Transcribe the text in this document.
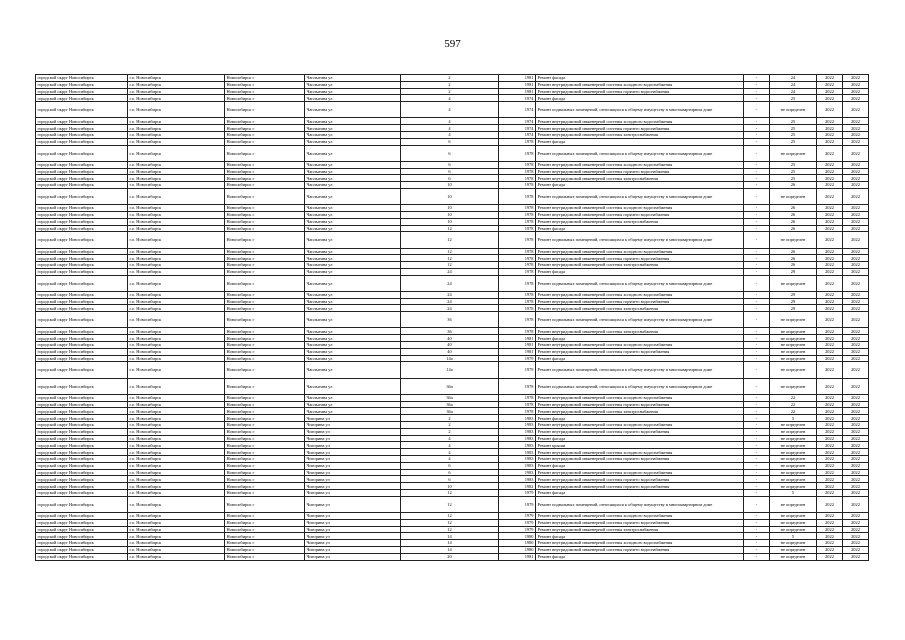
597
городской округ Новосибирск	г.о. Новосибирск	Новосибирск г	Чаплыгина ул	2	1981	Ремонт фасада	-	24	2022	2022
городской округ Новосибирск	г.о. Новосибирск	Новосибирск г	Чаплыгина ул	2	1981	Ремонт внутридомовой инженерной системы холодного водоснабжения	-	24	2022	2022
городской округ Новосибирск	г.о. Новосибирск	Новосибирск г	Чаплыгина ул	2	1981	Ремонт внутридомовой инженерной системы горячего водоснабжения	-	24	2022	2022
городской округ Новосибирск	г.о. Новосибирск	Новосибирск г	Чаплыгина ул	4	1974	Ремонт фасада	-	25	2022	2022
городской округ Новосибирск	г.о. Новосибирск	Новосибирск г	Чаплыгина ул	4	1974	Ремонт подвальных помещений, относящихся к общему имуществу в многоквартирном доме	-	не определен	2022	2022
городской округ Новосибирск	г.о. Новосибирск	Новосибирск г	Чаплыгина ул	4	1974	Ремонт внутридомовой инженерной системы холодного водоснабжения	-	25	2022	2022
городской округ Новосибирск	г.о. Новосибирск	Новосибирск г	Чаплыгина ул	4	1974	Ремонт внутридомовой инженерной системы горячего водоснабжения	-	25	2022	2022
городской округ Новосибирск	г.о. Новосибирск	Новосибирск г	Чаплыгина ул	4	1974	Ремонт внутридомовой инженерной системы электроснабжения	-	25	2022	2022
городской округ Новосибирск	г.о. Новосибирск	Новосибирск г	Чаплыгина ул	6	1978	Ремонт фасада	-	25	2022	2022
городской округ Новосибирск	г.о. Новосибирск	Новосибирск г	Чаплыгина ул	6	1978	Ремонт подвальных помещений, относящихся к общему имуществу в многоквартирном доме	-	не определен	2022	2022
городской округ Новосибирск	г.о. Новосибирск	Новосибирск г	Чаплыгина ул	6	1978	Ремонт внутридомовой инженерной системы холодного водоснабжения	-	25	2022	2022
городской округ Новосибирск	г.о. Новосибирск	Новосибирск г	Чаплыгина ул	6	1978	Ремонт внутридомовой инженерной системы горячего водоснабжения	-	25	2022	2022
городской округ Новосибирск	г.о. Новосибирск	Новосибирск г	Чаплыгина ул	6	1978	Ремонт внутридомовой инженерной системы электроснабжения	-	25	2022	2022
городской округ Новосибирск	г.о. Новосибирск	Новосибирск г	Чаплыгина ул	10	1978	Ремонт фасада	-	26	2022	2022
городской округ Новосибирск	г.о. Новосибирск	Новосибирск г	Чаплыгина ул	10	1978	Ремонт подвальных помещений, относящихся к общему имуществу в многоквартирном доме	-	не определен	2022	2022
городской округ Новосибирск	г.о. Новосибирск	Новосибирск г	Чаплыгина ул	10	1978	Ремонт внутридомовой инженерной системы холодного водоснабжения	-	26	2022	2022
городской округ Новосибирск	г.о. Новосибирск	Новосибирск г	Чаплыгина ул	10	1978	Ремонт внутридомовой инженерной системы горячего водоснабжения	-	26	2022	2022
городской округ Новосибирск	г.о. Новосибирск	Новосибирск г	Чаплыгина ул	10	1978	Ремонт внутридомовой инженерной системы электроснабжения	-	26	2022	2022
городской округ Новосибирск	г.о. Новосибирск	Новосибирск г	Чаплыгина ул	12	1978	Ремонт фасада	-	26	2022	2022
городской округ Новосибирск	г.о. Новосибирск	Новосибирск г	Чаплыгина ул	12	1978	Ремонт подвальных помещений, относящихся к общему имуществу в многоквартирном доме	-	не определен	2022	2022
городской округ Новосибирск	г.о. Новосибирск	Новосибирск г	Чаплыгина ул	12	1978	Ремонт внутридомовой инженерной системы холодного водоснабжения	-	26	2022	2022
городской округ Новосибирск	г.о. Новосибирск	Новосибирск г	Чаплыгина ул	12	1978	Ремонт внутридомовой инженерной системы горячего водоснабжения	-	26	2022	2022
городской округ Новосибирск	г.о. Новосибирск	Новосибирск г	Чаплыгина ул	12	1978	Ремонт внутридомовой инженерной системы электроснабжения	-	26	2022	2022
городской округ Новосибирск	г.о. Новосибирск	Новосибирск г	Чаплыгина ул	24	1978	Ремонт фасада	-	29	2022	2022
городской округ Новосибирск	г.о. Новосибирск	Новосибирск г	Чаплыгина ул	24	1978	Ремонт подвальных помещений, относящихся к общему имуществу в многоквартирном доме	-	не определен	2022	2022
городской округ Новосибирск	г.о. Новосибирск	Новосибирск г	Чаплыгина ул	24	1978	Ремонт внутридомовой инженерной системы холодного водоснабжения	-	29	2022	2022
городской округ Новосибирск	г.о. Новосибирск	Новосибирск г	Чаплыгина ул	24	1978	Ремонт внутридомовой инженерной системы горячего водоснабжения	-	29	2022	2022
городской округ Новосибирск	г.о. Новосибирск	Новосибирск г	Чаплыгина ул	24	1978	Ремонт внутридомовой инженерной системы электроснабжения	-	29	2022	2022
городской округ Новосибирск	г.о. Новосибирск	Новосибирск г	Чаплыгина ул	36	1978	Ремонт подвальных помещений, относящихся к общему имуществу в многоквартирном доме	-	не определен	2022	2022
городской округ Новосибирск	г.о. Новосибирск	Новосибирск г	Чаплыгина ул	36	1978	Ремонт внутридомовой инженерной системы электроснабжения	-	не определен	2022	2022
городской округ Новосибирск	г.о. Новосибирск	Новосибирск г	Чаплыгина ул	40	1981	Ремонт фасада	-	не определен	2022	2022
городской округ Новосибирск	г.о. Новосибирск	Новосибирск г	Чаплыгина ул	40	1981	Ремонт внутридомовой инженерной системы холодного водоснабжения	-	не определен	2022	2022
городской округ Новосибирск	г.о. Новосибирск	Новосибирск г	Чаплыгина ул	40	1981	Ремонт внутридомовой инженерной системы горячего водоснабжения	-	не определен	2022	2022
городской округ Новосибирск	г.о. Новосибирск	Новосибирск г	Чаплыгина ул	14а	1979	Ремонт фасада	-	не определен	2022	2022
городской округ Новосибирск	г.о. Новосибирск	Новосибирск г	Чаплыгина ул	14а	1979	Ремонт подвальных помещений, относящихся к общему имуществу в многоквартирном доме	-	не определен	2022	2022
городской округ Новосибирск	г.о. Новосибирск	Новосибирск г	Чаплыгина ул	36а	1978	Ремонт подвальных помещений, относящихся к общему имуществу в многоквартирном доме	-	не определен	2022	2022
городской округ Новосибирск	г.о. Новосибирск	Новосибирск г	Чаплыгина ул	36а	1978	Ремонт внутридомовой инженерной системы холодного водоснабжения	-	22	2022	2022
городской округ Новосибирск	г.о. Новосибирск	Новосибирск г	Чаплыгина ул	36а	1978	Ремонт внутридомовой инженерной системы горячего водоснабжения	-	22	2022	2022
городской округ Новосибирск	г.о. Новосибирск	Новосибирск г	Чаплыгина ул	36а	1978	Ремонт внутридомовой инженерной системы электроснабжения	-	22	2022	2022
городской округ Новосибирск	г.о. Новосибирск	Новосибирск г	Чигорина ул	2	1983	Ремонт фасада	-	5	2022	2022
городской округ Новосибирск	г.о. Новосибирск	Новосибирск г	Чигорина ул	2	1983	Ремонт внутридомовой инженерной системы холодного водоснабжения	-	не определен	2022	2022
городской округ Новосибирск	г.о. Новосибирск	Новосибирск г	Чигорина ул	2	1983	Ремонт внутридомовой инженерной системы горячего водоснабжения	-	не определен	2022	2022
городской округ Новосибирск	г.о. Новосибирск	Новосибирск г	Чигорина ул	4	1983	Ремонт фасада	-	не определен	2022	2022
городской округ Новосибирск	г.о. Новосибирск	Новосибирск г	Чигорина ул	4	1983	Ремонт крыши	-	не определен	2022	2022
городской округ Новосибирск	г.о. Новосибирск	Новосибирск г	Чигорина ул	4	1983	Ремонт внутридомовой инженерной системы холодного водоснабжения	-	не определен	2022	2022
городской округ Новосибирск	г.о. Новосибирск	Новосибирск г	Чигорина ул	4	1983	Ремонт внутридомовой инженерной системы горячего водоснабжения	-	не определен	2022	2022
городской округ Новосибирск	г.о. Новосибирск	Новосибирск г	Чигорина ул	6	1983	Ремонт фасада	-	не определен	2022	2022
городской округ Новосибирск	г.о. Новосибирск	Новосибирск г	Чигорина ул	6	1983	Ремонт внутридомовой инженерной системы холодного водоснабжения	-	не определен	2022	2022
городской округ Новосибирск	г.о. Новосибирск	Новосибирск г	Чигорина ул	6	1983	Ремонт внутридомовой инженерной системы горячего водоснабжения	-	не определен	2022	2022
городской округ Новосибирск	г.о. Новосибирск	Новосибирск г	Чигорина ул	10	1982	Ремонт внутридомовой инженерной системы горячего водоснабжения	-	не определен	2022	2022
городской округ Новосибирск	г.о. Новосибирск	Новосибирск г	Чигорина ул	12	1979	Ремонт фасада	-	5	2022	2022
городской округ Новосибирск	г.о. Новосибирск	Новосибирск г	Чигорина ул	12	1979	Ремонт подвальных помещений, относящихся к общему имуществу в многоквартирном доме	-	не определен	2022	2022
городской округ Новосибирск	г.о. Новосибирск	Новосибирск г	Чигорина ул	12	1979	Ремонт внутридомовой инженерной системы холодного водоснабжения	-	не определен	2022	2022
городской округ Новосибирск	г.о. Новосибирск	Новосибирск г	Чигорина ул	12	1979	Ремонт внутридомовой инженерной системы горячего водоснабжения	-	не определен	2022	2022
городской округ Новосибирск	г.о. Новосибирск	Новосибирск г	Чигорина ул	12	1979	Ремонт внутридомовой инженерной системы электроснабжения	-	не определен	2022	2022
городской округ Новосибирск	г.о. Новосибирск	Новосибирск г	Чигорина ул	14	1980	Ремонт фасада	-	5	2022	2022
городской округ Новосибирск	г.о. Новосибирск	Новосибирск г	Чигорина ул	14	1980	Ремонт внутридомовой инженерной системы холодного водоснабжения	-	не определен	2022	2022
городской округ Новосибирск	г.о. Новосибирск	Новосибирск г	Чигорина ул	14	1980	Ремонт внутридомовой инженерной системы горячего водоснабжения	-	не определен	2022	2022
городской округ Новосибирск	г.о. Новосибирск	Новосибирск г	Чигорина ул	20	1981	Ремонт фасада	-	не определен	2022	2022
